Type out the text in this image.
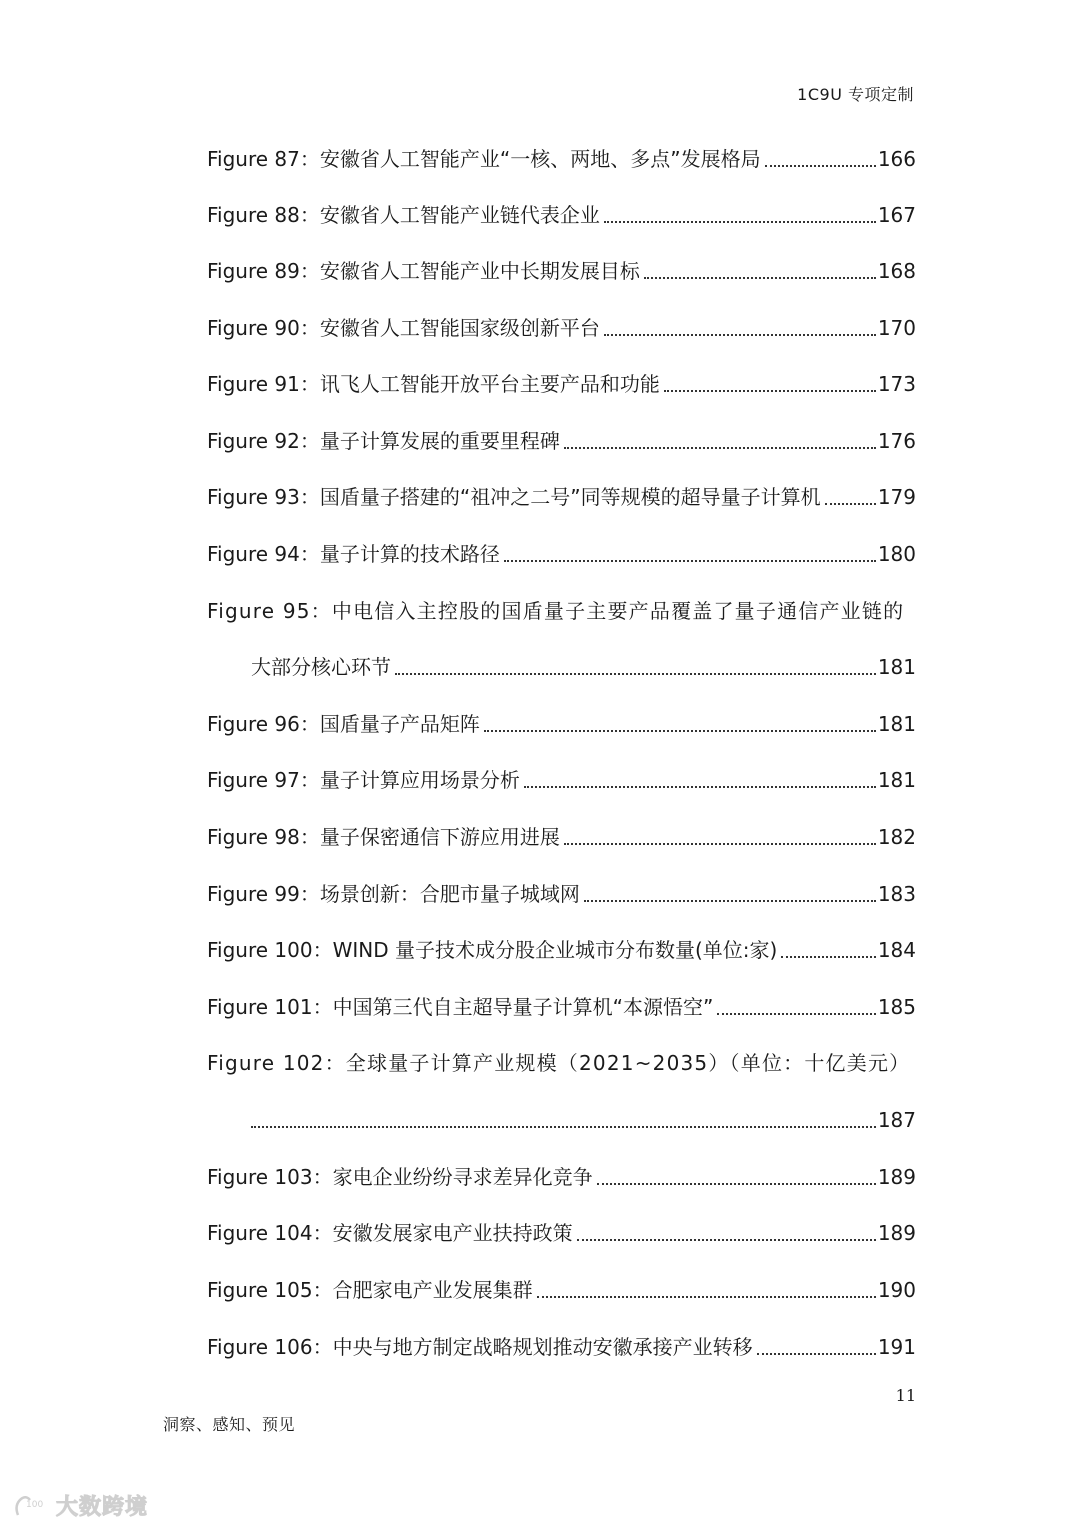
1C9U 专项定制
Figure 87：安徽省人工智能产业“一核、两地、多点”发展格局	166
Figure 88：安徽省人工智能产业链代表企业	167
Figure 89：安徽省人工智能产业中长期发展目标	168
Figure 90：安徽省人工智能国家级创新平台	170
Figure 91：讯飞人工智能开放平台主要产品和功能	173
Figure 92：量子计算发展的重要里程碑	176
Figure 93：国盾量子搭建的“祖冲之二号”同等规模的超导量子计算机	179
Figure 94：量子计算的技术路径	180
Figure 95：中电信入主控股的国盾量子主要产品覆盖了量子通信产业链的
大部分核心环节	181
Figure 96：国盾量子产品矩阵	181
Figure 97：量子计算应用场景分析	181
Figure 98：量子保密通信下游应用进展	182
Figure 99：场景创新：合肥市量子城域网	183
Figure 100：WIND 量子技术成分股企业城市分布数量(单位:家)	184
Figure 101：中国第三代自主超导量子计算机“本源悟空”	185
Figure 102：全球量子计算产业规模（2021~2035）（单位：十亿美元）
187
Figure 103：家电企业纷纷寻求差异化竞争	189
Figure 104：安徽发展家电产业扶持政策	189
Figure 105：合肥家电产业发展集群	190
Figure 106：中央与地方制定战略规划推动安徽承接产业转移	191
11
洞察、感知、预见
100 大数跨境
